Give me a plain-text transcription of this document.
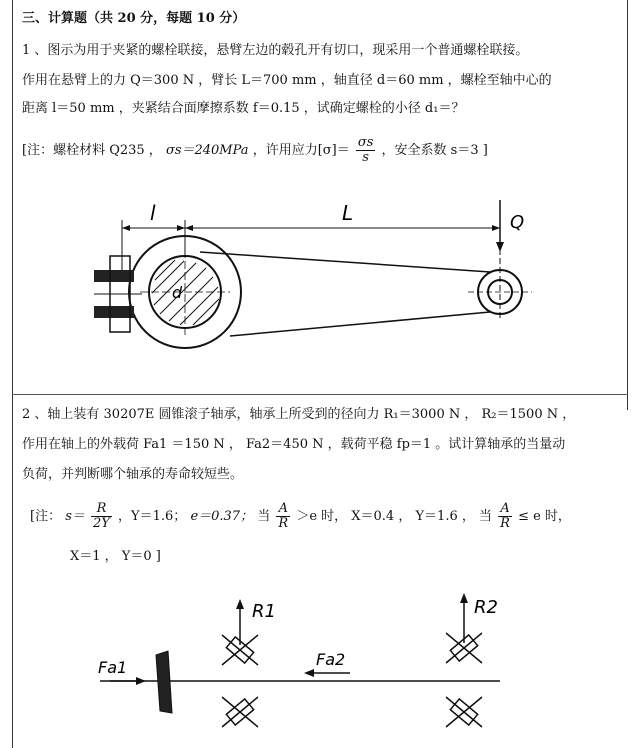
三、计算题（共 20 分，每题 10 分）
1 、图示为用于夹紧的螺栓联接，悬臂左边的毂孔开有切口，现采用一个普通螺栓联接。
作用在悬臂上的力 Q＝300 N ，臂长 L＝700 mm ，轴直径 d＝60 mm ，螺栓至轴中心的
距离 l＝50 mm ，夹紧结合面摩擦系数 f＝0.15 ，试确定螺栓的小径 d₁＝？
[注：螺栓材料 Q235 ， σs＝240MPa ，许用应力$[\sigma]= \frac{\sigma s}{s}$ ，安全系数 s＝3 ]
l	L	Q
d
2 、轴上装有 30207E 圆锥滚子轴承，轴承上所受到的径向力 R₁＝3000 N ， R₂＝1500 N ，
作用在轴上的外载荷 Fa1 ＝150 N ， Fa2＝450 N ，载荷平稳 fp＝1 。试计算轴承的当量动
负荷，并判断哪个轴承的寿命较短些。
[注： $s= \frac{R}{2Y}$ ，Y＝1.6； e＝0.37； 当 $\frac{A}{R} >e$ 时， X＝0.4 ， Y＝1.6 ， 当 $\frac{A}{R} \le e$ 时，
X＝1 ， Y＝0 ]
Fa1
R1
Fa2
R2
